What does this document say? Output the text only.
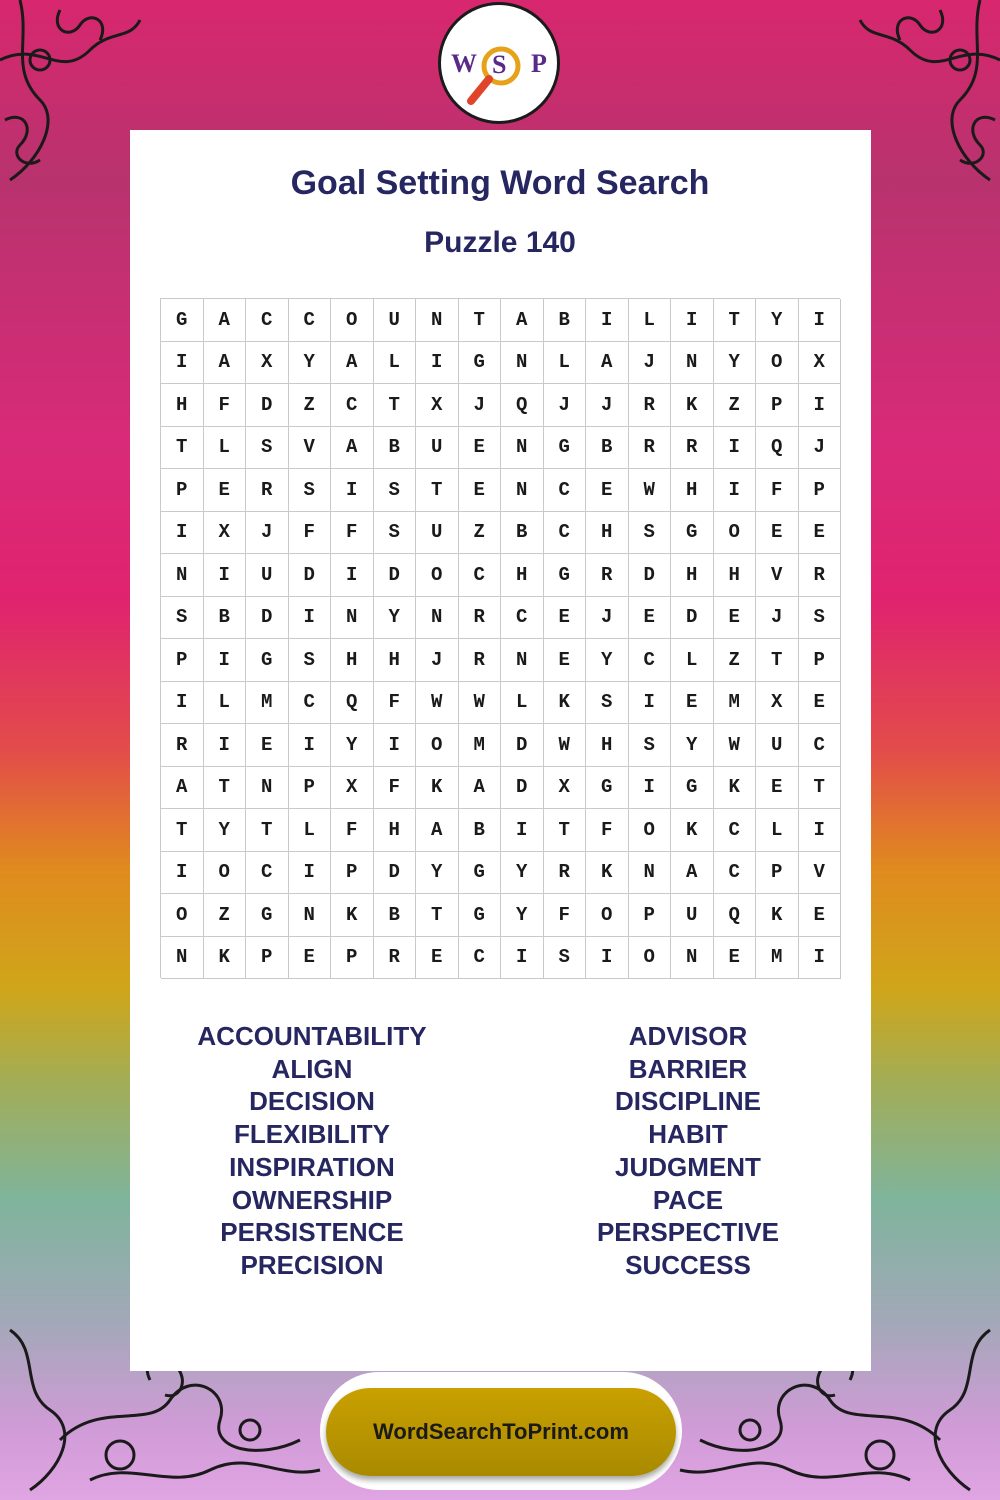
W S P
Goal Setting Word Search
Puzzle 140
G	A	C	C	O	U	N	T	A	B	I	L	I	T	Y	I
I	A	X	Y	A	L	I	G	N	L	A	J	N	Y	O	X
H	F	D	Z	C	T	X	J	Q	J	J	R	K	Z	P	I
T	L	S	V	A	B	U	E	N	G	B	R	R	I	Q	J
P	E	R	S	I	S	T	E	N	C	E	W	H	I	F	P
I	X	J	F	F	S	U	Z	B	C	H	S	G	O	E	E
N	I	U	D	I	D	O	C	H	G	R	D	H	H	V	R
S	B	D	I	N	Y	N	R	C	E	J	E	D	E	J	S
P	I	G	S	H	H	J	R	N	E	Y	C	L	Z	T	P
I	L	M	C	Q	F	W	W	L	K	S	I	E	M	X	E
R	I	E	I	Y	I	O	M	D	W	H	S	Y	W	U	C
A	T	N	P	X	F	K	A	D	X	G	I	G	K	E	T
T	Y	T	L	F	H	A	B	I	T	F	O	K	C	L	I
I	O	C	I	P	D	Y	G	Y	R	K	N	A	C	P	V
O	Z	G	N	K	B	T	G	Y	F	O	P	U	Q	K	E
N	K	P	E	P	R	E	C	I	S	I	O	N	E	M	I
ACCOUNTABILITY
ALIGN
DECISION
FLEXIBILITY
INSPIRATION
OWNERSHIP
PERSISTENCE
PRECISION
ADVISOR
BARRIER
DISCIPLINE
HABIT
JUDGMENT
PACE
PERSPECTIVE
SUCCESS
WordSearchToPrint.com
